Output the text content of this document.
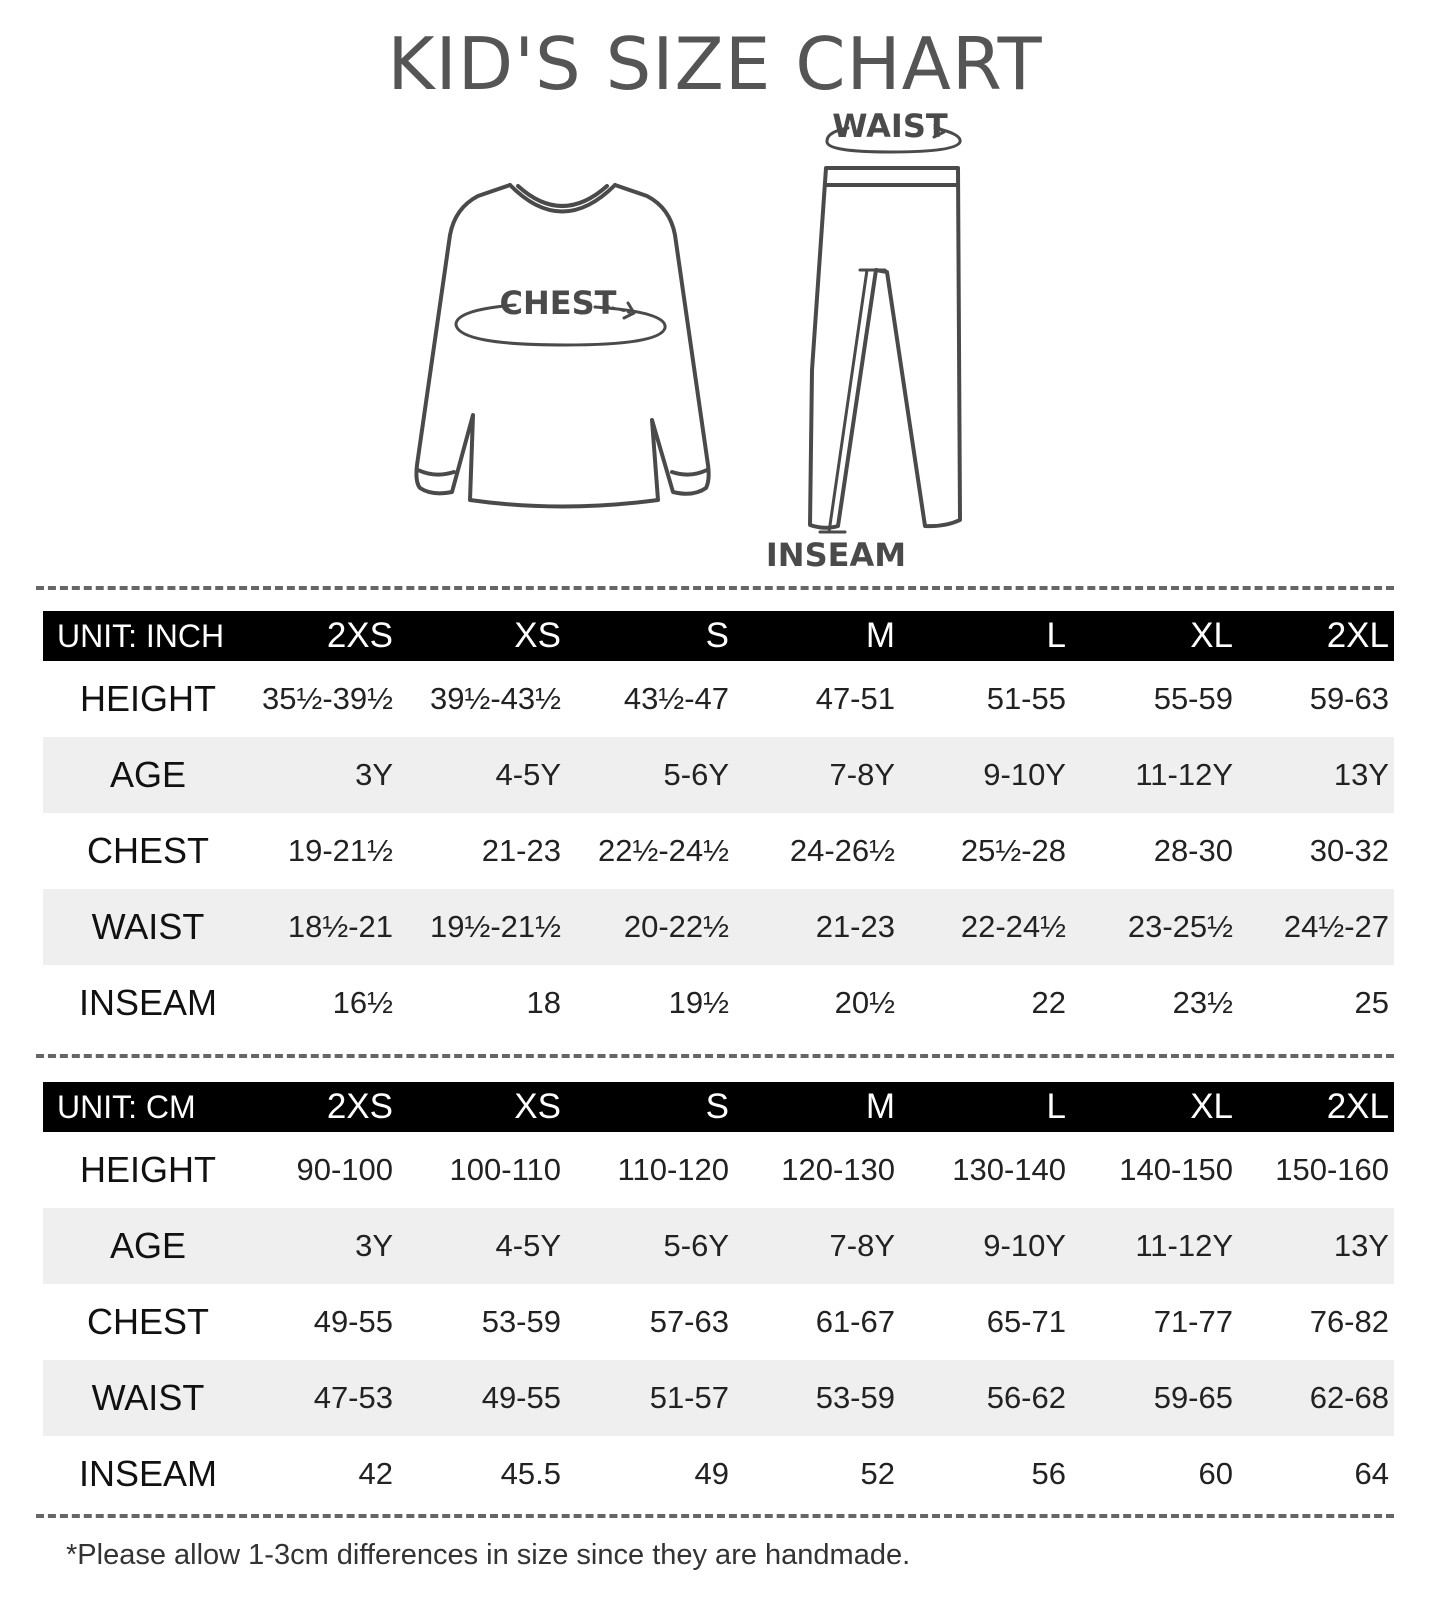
KID'S SIZE CHART
CHEST
WAIST
INSEAM
UNIT: INCH	2XS	XS	S	M	L	XL	2XL
HEIGHT	35½-39½	39½-43½	43½-47	47-51	51-55	55-59	59-63
AGE	3Y	4-5Y	5-6Y	7-8Y	9-10Y	11-12Y	13Y
CHEST	19-21½	21-23	22½-24½	24-26½	25½-28	28-30	30-32
WAIST	18½-21	19½-21½	20-22½	21-23	22-24½	23-25½	24½-27
INSEAM	16½	18	19½	20½	22	23½	25
UNIT: CM	2XS	XS	S	M	L	XL	2XL
HEIGHT	90-100	100-110	110-120	120-130	130-140	140-150	150-160
AGE	3Y	4-5Y	5-6Y	7-8Y	9-10Y	11-12Y	13Y
CHEST	49-55	53-59	57-63	61-67	65-71	71-77	76-82
WAIST	47-53	49-55	51-57	53-59	56-62	59-65	62-68
INSEAM	42	45.5	49	52	56	60	64
*Please allow 1-3cm differences in size since they are handmade.
